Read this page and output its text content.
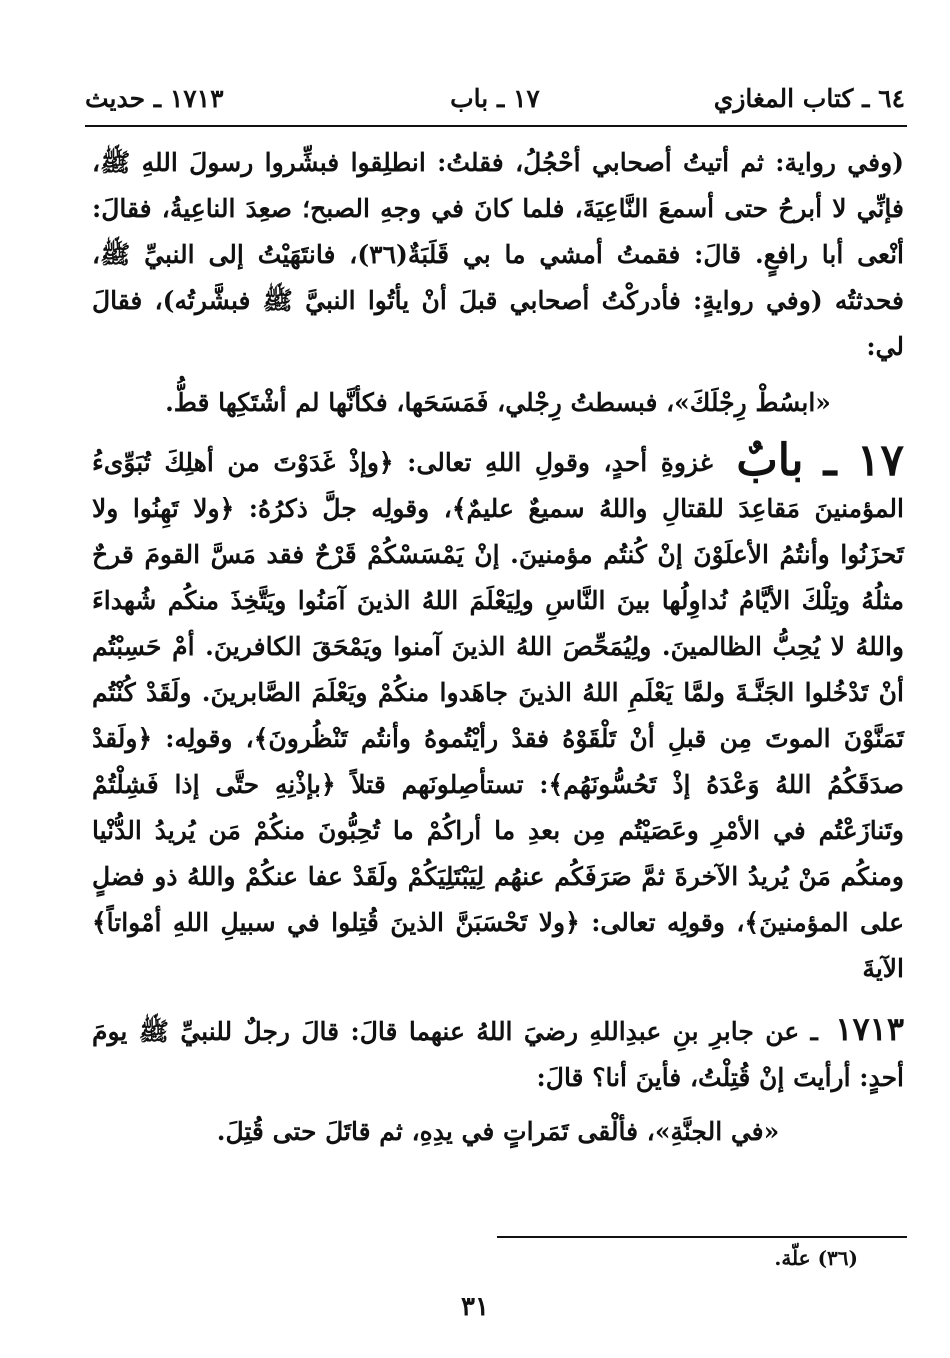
٦٤ ـ كتاب المغازي
١٧ ـ باب
١٧١٣ ـ حديث

(وفي رواية: ثم أتيتُ أصحابي أحْجُلُ، فقلتُ: انطلِقوا فبشِّروا رسولَ اللهِ ﷺ، فإنِّي لا أبرحُ حتى أسمعَ النَّاعِيَةَ، فلما كانَ في وجهِ الصبح؛ صعِدَ الناعِيةُ، فقالَ: أنْعى أبا رافعٍ. قالَ: فقمتُ أمشي ما بي قَلَبَةٌ(٣٦)، فانتَهَيْتُ إلى النبيِّ ﷺ، فحدثتُه (وفي روايةٍ: فأدركْتُ أصحابي قبلَ أنْ يأتُوا النبيَّ ﷺ فبشَّرتُه)، فقالَ لي:
«ابسُطْ رِجْلَكَ»، فبسطتُ رِجْلي، فَمَسَحَها، فكأنَّها لم أشْتَكِها قطُّ.

١٧ ـ بابٌ غزوةِ أحدٍ، وقولِ اللهِ تعالى: ﴿وإذْ غَدَوْتَ من أهلِكَ تُبَوِّىءُ المؤمنينَ مَقاعِدَ للقتالِ واللهُ سميعٌ عليمٌ﴾، وقولِه جلَّ ذكرُهُ: ﴿ولا تَهِنُوا ولا تَحزَنُوا وأنتُمُ الأعلَوْنَ إنْ كُنتُم مؤمنينَ. إنْ يَمْسَسْكُمْ قَرْحٌ فقد مَسَّ القومَ قرحٌ مثلُهُ وتِلْكَ الأيَّامُ نُداوِلُها بينَ النَّاسِ ولِيَعْلَمَ اللهُ الذينَ آمَنُوا ويَتَّخِذَ منكُم شُهداءَ واللهُ لا يُحِبُّ الظالمينَ. ولِيُمَحِّصَ اللهُ الذينَ آمنوا ويَمْحَقَ الكافرينَ. أمْ حَسِبْتُم أنْ تَدْخُلوا الجَنَّـةَ ولمَّا يَعْلَمِ اللهُ الذينَ جاهَدوا منكُمْ ويَعْلَمَ الصَّابرينَ. ولَقَدْ كُنْتُم تَمَنَّوْنَ الموتَ مِن قبلِ أنْ تَلْقَوْهُ فقدْ رأيْتُموهُ وأنتُم تَنْظُرونَ﴾، وقولِه: ﴿ولَقدْ صدَقَكُمُ اللهُ وَعْدَهُ إذْ تَحُسُّونَهُم﴾: تستأصِلونَهم قتلاً ﴿بإذْنِهِ حتَّى إذا فَشِلْتُمْ وتَنازَعْتُم في الأمْرِ وعَصَيْتُم مِن بعدِ ما أراكُمْ ما تُحِبُّونَ منكُمْ مَن يُريدُ الدُّنْيا ومنكُم مَنْ يُريدُ الآخرةَ ثمَّ صَرَفَكُم عنهُم لِيَبْتَلِيَكُمْ ولَقَدْ عفا عنكُمْ واللهُ ذو فضلٍ على المؤمنينَ﴾، وقولِه تعالى: ﴿ولا تَحْسَبَنَّ الذينَ قُتِلوا في سبيلِ اللهِ أمْواتاً﴾ الآيةَ

١٧١٣ ـ عن جابرِ بنِ عبدِاللهِ رضيَ اللهُ عنهما قالَ: قالَ رجلٌ للنبيِّ ﷺ يومَ أحدٍ: أرأيتَ إنْ قُتِلْتُ، فأينَ أنا؟ قالَ:
«في الجنَّةِ»، فألْقى تَمَراتٍ في يدِهِ، ثم قاتَلَ حتى قُتِلَ.

(٣٦) علّة.
٣١
